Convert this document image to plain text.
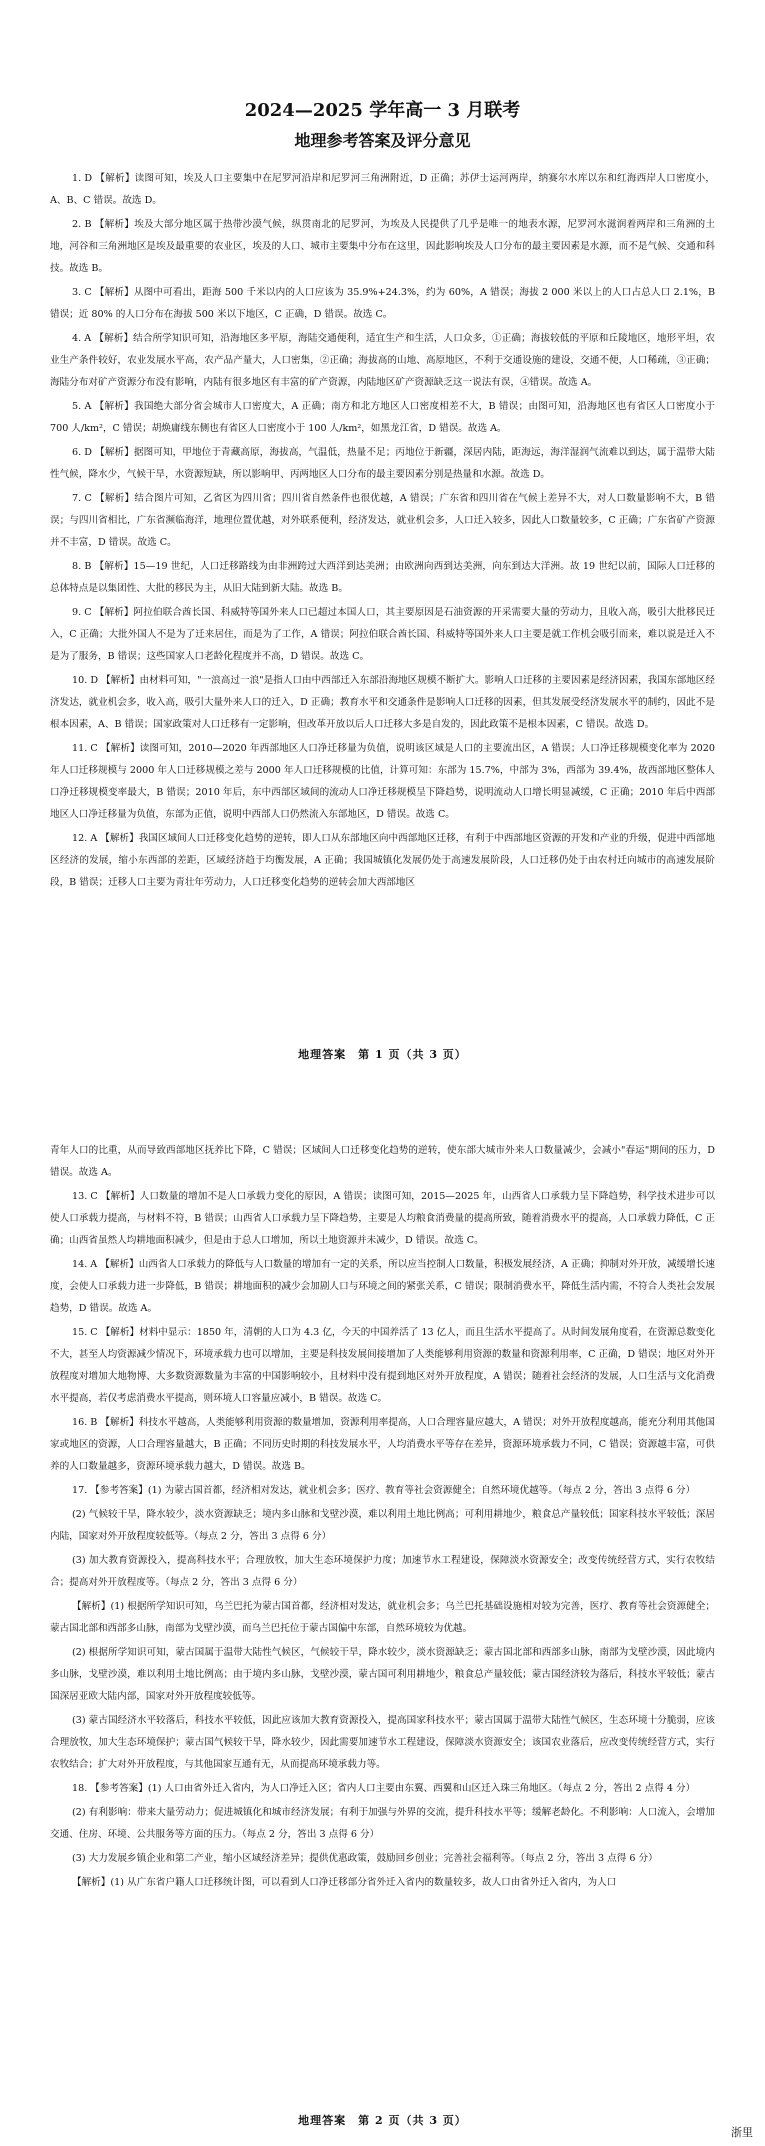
2024—2025 学年高一 3 月联考
地理参考答案及评分意见

1. D 【解析】读图可知，埃及人口主要集中在尼罗河沿岸和尼罗河三角洲附近，D 正确；苏伊士运河两岸，纳赛尔水库以东和红海西岸人口密度小，A、B、C 错误。故选 D。

2. B 【解析】埃及大部分地区属于热带沙漠气候，纵贯南北的尼罗河，为埃及人民提供了几乎是唯一的地表水源，尼罗河水滋润着两岸和三角洲的土地，河谷和三角洲地区是埃及最重要的农业区，埃及的人口、城市主要集中分布在这里，因此影响埃及人口分布的最主要因素是水源，而不是气候、交通和科技。故选 B。

3. C 【解析】从图中可看出，距海 500 千米以内的人口应该为 35.9%+24.3%，约为 60%，A 错误；海拔 2 000 米以上的人口占总人口 2.1%，B 错误；近 80% 的人口分布在海拔 500 米以下地区，C 正确，D 错误。故选 C。

4. A 【解析】结合所学知识可知，沿海地区多平原，海陆交通便利，适宜生产和生活，人口众多，①正确；海拔较低的平原和丘陵地区，地形平坦，农业生产条件较好，农业发展水平高，农产品产量大，人口密集，②正确；海拔高的山地、高原地区，不利于交通设施的建设，交通不便，人口稀疏，③正确；海陆分布对矿产资源分布没有影响，内陆有很多地区有丰富的矿产资源，内陆地区矿产资源缺乏这一说法有误，④错误。故选 A。

5. A 【解析】我国绝大部分省会城市人口密度大，A 正确；南方和北方地区人口密度相差不大，B 错误；由图可知，沿海地区也有省区人口密度小于 700 人/km²，C 错误；胡焕庸线东侧也有省区人口密度小于 100 人/km²，如黑龙江省，D 错误。故选 A。

6. D 【解析】据图可知，甲地位于青藏高原，海拔高，气温低，热量不足；丙地位于新疆，深居内陆，距海远，海洋湿润气流难以到达，属于温带大陆性气候，降水少，气候干旱，水资源短缺，所以影响甲、丙两地区人口分布的最主要因素分别是热量和水源。故选 D。

7. C 【解析】结合图片可知，乙省区为四川省；四川省自然条件也很优越，A 错误；广东省和四川省在气候上差异不大，对人口数量影响不大，B 错误；与四川省相比，广东省濒临海洋，地理位置优越，对外联系便利，经济发达，就业机会多，人口迁入较多，因此人口数量较多，C 正确；广东省矿产资源并不丰富，D 错误。故选 C。

8. B 【解析】15—19 世纪，人口迁移路线为由非洲跨过大西洋到达美洲；由欧洲向西到达美洲，向东到达大洋洲。故 19 世纪以前，国际人口迁移的总体特点是以集团性、大批的移民为主，从旧大陆到新大陆。故选 B。

9. C 【解析】阿拉伯联合酋长国、科威特等国外来人口已超过本国人口，其主要原因是石油资源的开采需要大量的劳动力，且收入高，吸引大批移民迁入，C 正确；大批外国人不是为了迁来居住，而是为了工作，A 错误；阿拉伯联合酋长国、科威特等国外来人口主要是就工作机会吸引而来，难以说是迁入不是为了服务，B 错误；这些国家人口老龄化程度并不高，D 错误。故选 C。

10. D 【解析】由材料可知，"一浪高过一浪"是指人口由中西部迁入东部沿海地区规模不断扩大。影响人口迁移的主要因素是经济因素，我国东部地区经济发达，就业机会多，收入高，吸引大量外来人口的迁入，D 正确；教育水平和交通条件是影响人口迁移的因素，但其发展受经济发展水平的制约，因此不是根本因素，A、B 错误；国家政策对人口迁移有一定影响，但改革开放以后人口迁移大多是自发的，因此政策不是根本因素，C 错误。故选 D。

11. C 【解析】读图可知，2010—2020 年西部地区人口净迁移量为负值，说明该区域是人口的主要流出区，A 错误；人口净迁移规模变化率为 2020 年人口迁移规模与 2000 年人口迁移规模之差与 2000 年人口迁移规模的比值，计算可知：东部为 15.7%，中部为 3%，西部为 39.4%，故西部地区整体人口净迁移规模变率最大，B 错误；2010 年后，东中西部区域间的流动人口净迁移规模呈下降趋势，说明流动人口增长明显减缓，C 正确；2010 年后中西部地区人口净迁移量为负值，东部为正值，说明中西部人口仍然流入东部地区，D 错误。故选 C。

12. A 【解析】我国区域间人口迁移变化趋势的逆转，即人口从东部地区向中西部地区迁移，有利于中西部地区资源的开发和产业的升级，促进中西部地区经济的发展，缩小东西部的差距，区域经济趋于均衡发展，A 正确；我国城镇化发展仍处于高速发展阶段，人口迁移仍处于由农村迁向城市的高速发展阶段，B 错误；迁移人口主要为青壮年劳动力，人口迁移变化趋势的逆转会加大西部地区

地理答案　第 1 页（共 3 页）

青年人口的比重，从而导致西部地区抚养比下降，C 错误；区域间人口迁移变化趋势的逆转，使东部大城市外来人口数量减少，会减小"春运"期间的压力，D 错误。故选 A。

13. C 【解析】人口数量的增加不是人口承载力变化的原因，A 错误；读图可知，2015—2025 年，山西省人口承载力呈下降趋势，科学技术进步可以使人口承载力提高，与材料不符，B 错误；山西省人口承载力呈下降趋势，主要是人均粮食消费量的提高所致，随着消费水平的提高，人口承载力降低，C 正确；山西省虽然人均耕地面积减少，但是由于总人口增加，所以土地资源并未减少，D 错误。故选 C。

14. A 【解析】山西省人口承载力的降低与人口数量的增加有一定的关系，所以应当控制人口数量，积极发展经济，A 正确；抑制对外开放，减缓增长速度，会使人口承载力进一步降低，B 错误；耕地面积的减少会加剧人口与环境之间的紧张关系，C 错误；限制消费水平，降低生活内需，不符合人类社会发展趋势，D 错误。故选 A。

15. C 【解析】材料中显示：1850 年，清朝的人口为 4.3 亿，今天的中国养活了 13 亿人，而且生活水平提高了。从时间发展角度看，在资源总数变化不大，甚至人均资源减少情况下，环境承载力也可以增加，主要是科技发展间接增加了人类能够利用资源的数量和资源利用率，C 正确，D 错误；地区对外开放程度对增加大地物博、大多数资源数量为丰富的中国影响较小，且材料中没有提到地区对外开放程度，A 错误；随着社会经济的发展，人口生活与文化消费水平提高，若仅考虑消费水平提高，则环境人口容量应减小，B 错误。故选 C。

16. B 【解析】科技水平越高，人类能够利用资源的数量增加，资源利用率提高，人口合理容量应越大，A 错误；对外开放程度越高，能充分利用其他国家或地区的资源，人口合理容量越大，B 正确；不同历史时期的科技发展水平，人均消费水平等存在差异，资源环境承载力不同，C 错误；资源越丰富，可供养的人口数量越多，资源环境承载力越大，D 错误。故选 B。

17. 【参考答案】(1) 为蒙古国首都，经济相对发达，就业机会多；医疗、教育等社会资源健全；自然环境优越等。（每点 2 分，答出 3 点得 6 分）

(2) 气候较干旱，降水较少，淡水资源缺乏；境内多山脉和戈壁沙漠，难以利用土地比例高；可利用耕地少，粮食总产量较低；国家科技水平较低；深居内陆，国家对外开放程度较低等。（每点 2 分，答出 3 点得 6 分）

(3) 加大教育资源投入，提高科技水平；合理放牧，加大生态环境保护力度；加速节水工程建设，保障淡水资源安全；改变传统经营方式，实行农牧结合；提高对外开放程度等。（每点 2 分，答出 3 点得 6 分）

【解析】(1) 根据所学知识可知，乌兰巴托为蒙古国首都，经济相对发达，就业机会多；乌兰巴托基础设施相对较为完善，医疗、教育等社会资源健全；蒙古国北部和西部多山脉，南部为戈壁沙漠，而乌兰巴托位于蒙古国偏中东部，自然环境较为优越。

(2) 根据所学知识可知，蒙古国属于温带大陆性气候区，气候较干旱，降水较少，淡水资源缺乏；蒙古国北部和西部多山脉，南部为戈壁沙漠，因此境内多山脉，戈壁沙漠，难以利用土地比例高；由于境内多山脉，戈壁沙漠，蒙古国可利用耕地少，粮食总产量较低；蒙古国经济较为落后，科技水平较低；蒙古国深居亚欧大陆内部，国家对外开放程度较低等。

(3) 蒙古国经济水平较落后，科技水平较低，因此应该加大教育资源投入，提高国家科技水平；蒙古国属于温带大陆性气候区，生态环境十分脆弱，应该合理放牧，加大生态环境保护；蒙古国气候较干旱，降水较少，因此需要加速节水工程建设，保障淡水资源安全；该国农业落后，应改变传统经营方式，实行农牧结合；扩大对外开放程度，与其他国家互通有无，从而提高环境承载力等。

18. 【参考答案】(1) 人口由省外迁入省内，为人口净迁入区；省内人口主要由东翼、西翼和山区迁入珠三角地区。（每点 2 分，答出 2 点得 4 分）

(2) 有利影响：带来大量劳动力；促进城镇化和城市经济发展；有利于加强与外界的交流，提升科技水平等；缓解老龄化。不利影响：人口流入，会增加交通、住房、环境、公共服务等方面的压力。（每点 2 分，答出 3 点得 6 分）

(3) 大力发展乡镇企业和第二产业，缩小区域经济差异；提供优惠政策，鼓励回乡创业；完善社会福利等。（每点 2 分，答出 3 点得 6 分）

【解析】(1) 从广东省户籍人口迁移统计图，可以看到人口净迁移部分省外迁入省内的数量较多，故人口由省外迁入省内，为人口

地理答案　第 2 页（共 3 页）
浙里
